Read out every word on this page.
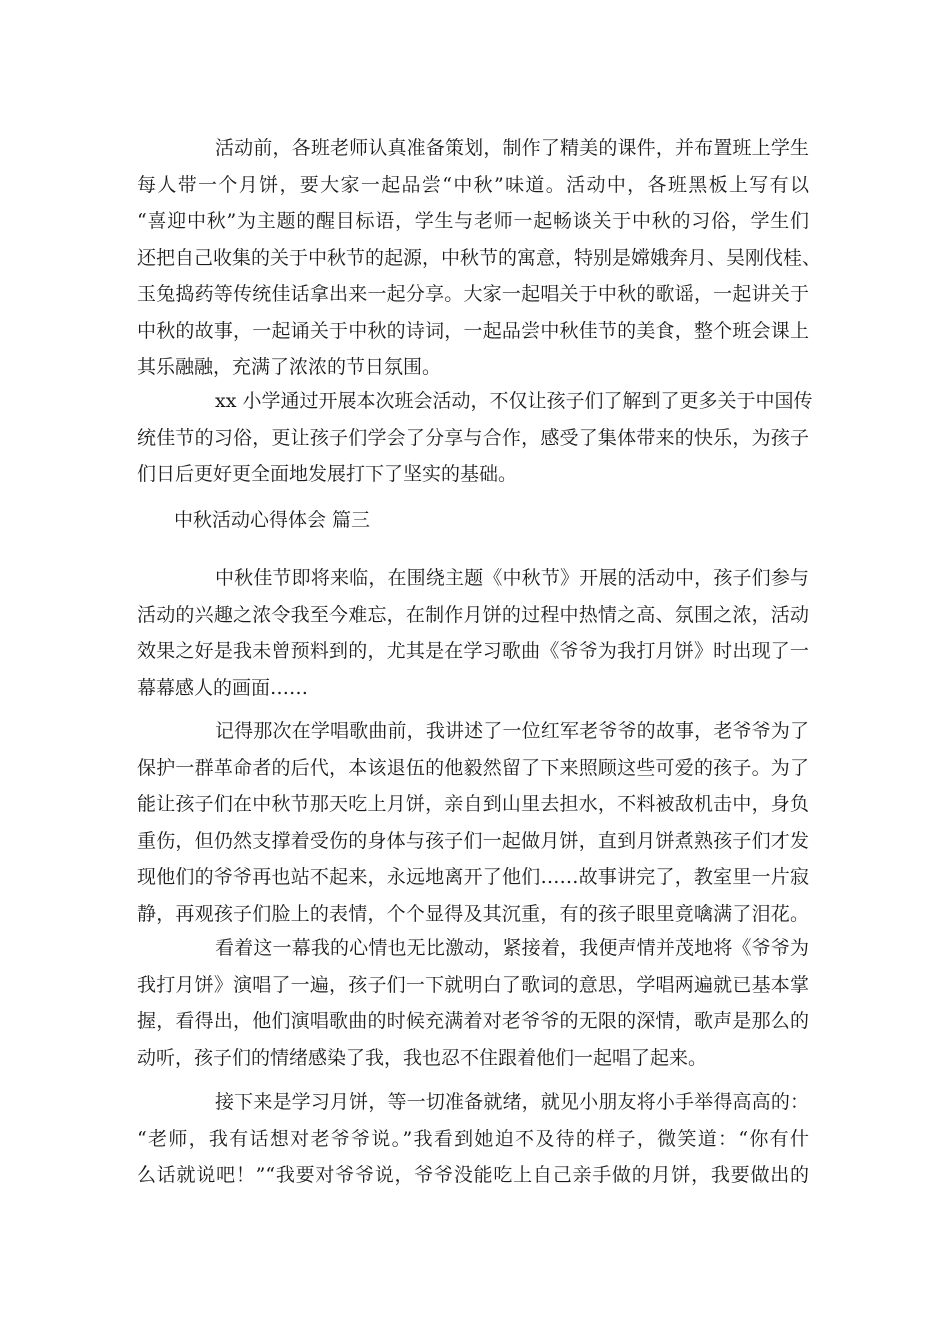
活动前，各班老师认真准备策划，制作了精美的课件，并布置班上学生
每人带一个月饼，要大家一起品尝“中秋”味道。活动中，各班黑板上写有以
“喜迎中秋”为主题的醒目标语，学生与老师一起畅谈关于中秋的习俗，学生们
还把自己收集的关于中秋节的起源，中秋节的寓意，特别是嫦娥奔月、吴刚伐桂、
玉兔捣药等传统佳话拿出来一起分享。大家一起唱关于中秋的歌谣，一起讲关于
中秋的故事，一起诵关于中秋的诗词，一起品尝中秋佳节的美食，整个班会课上
其乐融融，充满了浓浓的节日氛围。
xx 小学通过开展本次班会活动，不仅让孩子们了解到了更多关于中国传
统佳节的习俗，更让孩子们学会了分享与合作，感受了集体带来的快乐，为孩子
们日后更好更全面地发展打下了坚实的基础。
中秋活动心得体会 篇三
中秋佳节即将来临，在围绕主题《中秋节》开展的活动中，孩子们参与
活动的兴趣之浓令我至今难忘，在制作月饼的过程中热情之高、氛围之浓，活动
效果之好是我未曾预料到的，尤其是在学习歌曲《爷爷为我打月饼》时出现了一
幕幕感人的画面……
记得那次在学唱歌曲前，我讲述了一位红军老爷爷的故事，老爷爷为了
保护一群革命者的后代，本该退伍的他毅然留了下来照顾这些可爱的孩子。为了
能让孩子们在中秋节那天吃上月饼，亲自到山里去担水，不料被敌机击中，身负
重伤，但仍然支撑着受伤的身体与孩子们一起做月饼，直到月饼煮熟孩子们才发
现他们的爷爷再也站不起来，永远地离开了他们……故事讲完了，教室里一片寂
静，再观孩子们脸上的表情，个个显得及其沉重，有的孩子眼里竟噙满了泪花。
看着这一幕我的心情也无比激动，紧接着，我便声情并茂地将《爷爷为
我打月饼》演唱了一遍，孩子们一下就明白了歌词的意思，学唱两遍就已基本掌
握，看得出，他们演唱歌曲的时候充满着对老爷爷的无限的深情，歌声是那么的
动听，孩子们的情绪感染了我，我也忍不住跟着他们一起唱了起来。
接下来是学习月饼，等一切准备就绪，就见小朋友将小手举得高高的：
“老师，我有话想对老爷爷说。”我看到她迫不及待的样子，微笑道：“你有什
么话就说吧！”“我要对爷爷说，爷爷没能吃上自己亲手做的月饼，我要做出的
